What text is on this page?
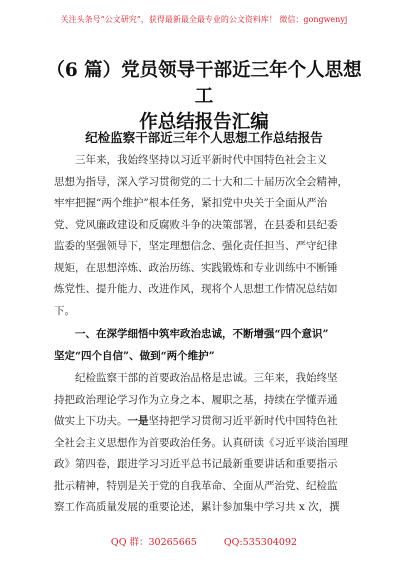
关注头条号“公文研究”，获得最新最全最专业的公文资料库！ 微信：gongwenyj
（6 篇）党员领导干部近三年个人思想工
作总结报告汇编
纪检监察干部近三年个人思想工作总结报告
三年来，我始终坚持以习近平新时代中国特色社会主义
思想为指导，深入学习贯彻党的二十大和二十届历次全会精神，
牢牢把握“两个维护”根本任务，紧扣党中央关于全面从严治
党、党风廉政建设和反腐败斗争的决策部署，在县委和县纪委
监委的坚强领导下，坚定理想信念、强化责任担当、严守纪律
规矩，在思想淬炼、政治历练、实践锻炼和专业训练中不断锤
炼党性、提升能力、改进作风，现将个人思想工作情况总结如
下。
一、在深学细悟中筑牢政治忠诚，不断增强“四个意识”
坚定“四个自信”、做到“两个维护”
纪检监察干部的首要政治品格是忠诚。三年来，我始终坚
持把政治理论学习作为立身之本、履职之基，持续在学懂弄通
做实上下功夫。一是坚持把学习贯彻习近平新时代中国特色社
全社会主义思想作为首要政治任务。认真研读《习近平谈治国理
政》第四卷，跟进学习习近平总书记最新重要讲话和重要指示
批示精神，特别是关于党的自我革命、全面从严治党、纪检监
察工作高质量发展的重要论述，累计参加集中学习共 x 次，撰
QQ 群：30265665	QQ:535304092
